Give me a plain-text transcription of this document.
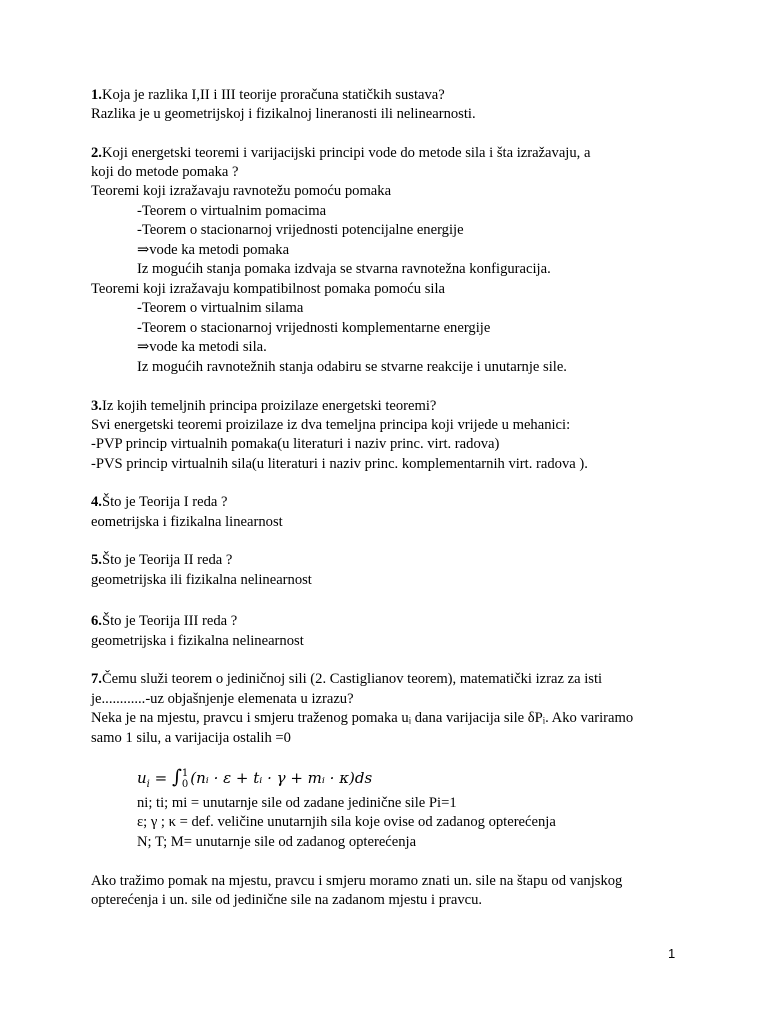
1.Koja je razlika I,II i III teorije proračuna statičkih sustava?
Razlika je u geometrijskoj i fizikalnoj lineranosti ili nelinearnosti.
2.Koji energetski teoremi i varijacijski principi vode do metode sila i šta izražavaju, a
koji do metode pomaka ?
Teoremi koji izražavaju ravnotežu pomoću pomaka
-Teorem o virtualnim pomacima
-Teorem o stacionarnoj vrijednosti potencijalne energije
⇒vode ka metodi pomaka
Iz mogućih stanja pomaka izdvaja se stvarna ravnotežna konfiguracija.
Teoremi koji izražavaju kompatibilnost pomaka pomoću sila
-Teorem o virtualnim silama
-Teorem o stacionarnoj vrijednosti komplementarne energije
⇒vode ka metodi sila.
Iz mogućih ravnotežnih stanja odabiru se stvarne reakcije i unutarnje sile.
3.Iz kojih temeljnih principa proizilaze energetski teoremi?
Svi energetski teoremi proizilaze iz dva temeljna principa koji vrijede u mehanici:
-PVP princip virtualnih pomaka(u literaturi i naziv princ. virt. radova)
-PVS princip virtualnih sila(u literaturi i naziv princ. komplementarnih virt. radova ).
4.Što je Teorija I reda ?
eometrijska i fizikalna linearnost
5.Što je Teorija II reda ?
geometrijska ili fizikalna nelinearnost
6.Što je Teorija III reda ?
geometrijska i fizikalna nelinearnost
7.Čemu služi teorem o jediničnoj sili (2. Castiglianov teorem), matematički izraz za isti
je............-uz objašnjenje elemenata u izrazu?
Neka je na mjestu, pravcu i smjeru traženog pomaka uᵢ dana varijacija sile δPᵢ. Ako variramo
samo 1 silu, a varijacija ostalih =0
$u_i$ = ∫ 1
0 (nᵢ · ε + tᵢ · γ + mᵢ · κ)ds
ni; ti; mi = unutarnje sile od zadane jedinične sile Pi=1
ε; γ ; κ = def. veličine unutarnjih sila koje ovise od zadanog opterećenja
N; T; M= unutarnje sile od zadanog opterećenja
Ako tražimo pomak na mjestu, pravcu i smjeru moramo znati un. sile na štapu od vanjskog
opterećenja i un. sile od jedinične sile na zadanom mjestu i pravcu.
1
